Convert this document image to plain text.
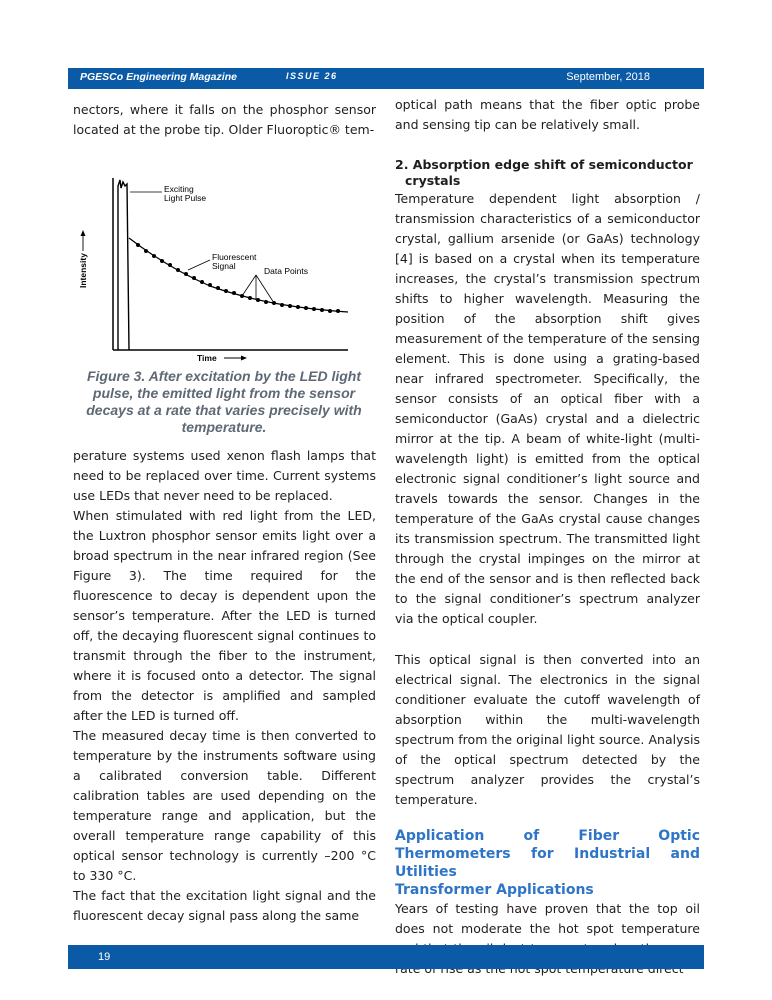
PGESCo Engineering Magazine	ISSUE 26	September, 2018

nectors, where it falls on the phosphor sensor located at the probe tip. Older Fluoroptic® tem-

Exciting
Light Pulse
Fluorescent
Signal	Data Points
Intensity
Time
Figure 3. After excitation by the LED light pulse, the emitted light from the sensor decays at a rate that varies precisely with temperature.

perature systems used xenon flash lamps that need to be replaced over time. Current systems use LEDs that never need to be replaced.

When stimulated with red light from the LED, the Luxtron phosphor sensor emits light over a broad spectrum in the near infrared region (See Figure 3). The time required for the fluorescence to decay is dependent upon the sensor’s temperature. After the LED is turned off, the decaying fluorescent signal continues to transmit through the fiber to the instrument, where it is focused onto a detector. The signal from the detector is amplified and sampled after the LED is turned off.

The measured decay time is then converted to temperature by the instruments software using a calibrated conversion table. Different calibration tables are used depending on the temperature range and application, but the overall temperature range capability of this optical sensor technology is currently –200 °C to 330 °C.

The fact that the excitation light signal and the fluorescent decay signal pass along the same

optical path means that the fiber optic probe and sensing tip can be relatively small.

2. Absorption edge shift of semiconductor

crystals

Temperature dependent light absorption / transmission characteristics of a semiconductor crystal, gallium arsenide (or GaAs) technology [4] is based on a crystal when its temperature increases, the crystal’s transmission spectrum shifts to higher wavelength. Measuring the position of the absorption shift gives measurement of the temperature of the sensing element. This is done using a grating-based near infrared spectrometer. Specifically, the sensor consists of an optical fiber with a semiconductor (GaAs) crystal and a dielectric mirror at the tip. A beam of white-light (multi-wavelength light) is emitted from the optical electronic signal conditioner’s light source and travels towards the sensor. Changes in the temperature of the GaAs crystal cause changes its transmission spectrum. The transmitted light through the crystal impinges on the mirror at the end of the sensor and is then reflected back to the signal conditioner’s spectrum analyzer via the optical coupler.

This optical signal is then converted into an electrical signal. The electronics in the signal conditioner evaluate the cutoff wavelength of absorption within the multi-wavelength spectrum from the original light source. Analysis of the optical spectrum detected by the spectrum analyzer provides the crystal’s temperature.

Application of Fiber Optic Thermometers for Industrial and Utilities

Transformer Applications

Years of testing have proven that the top oil does not moderate the hot spot temperature

19
